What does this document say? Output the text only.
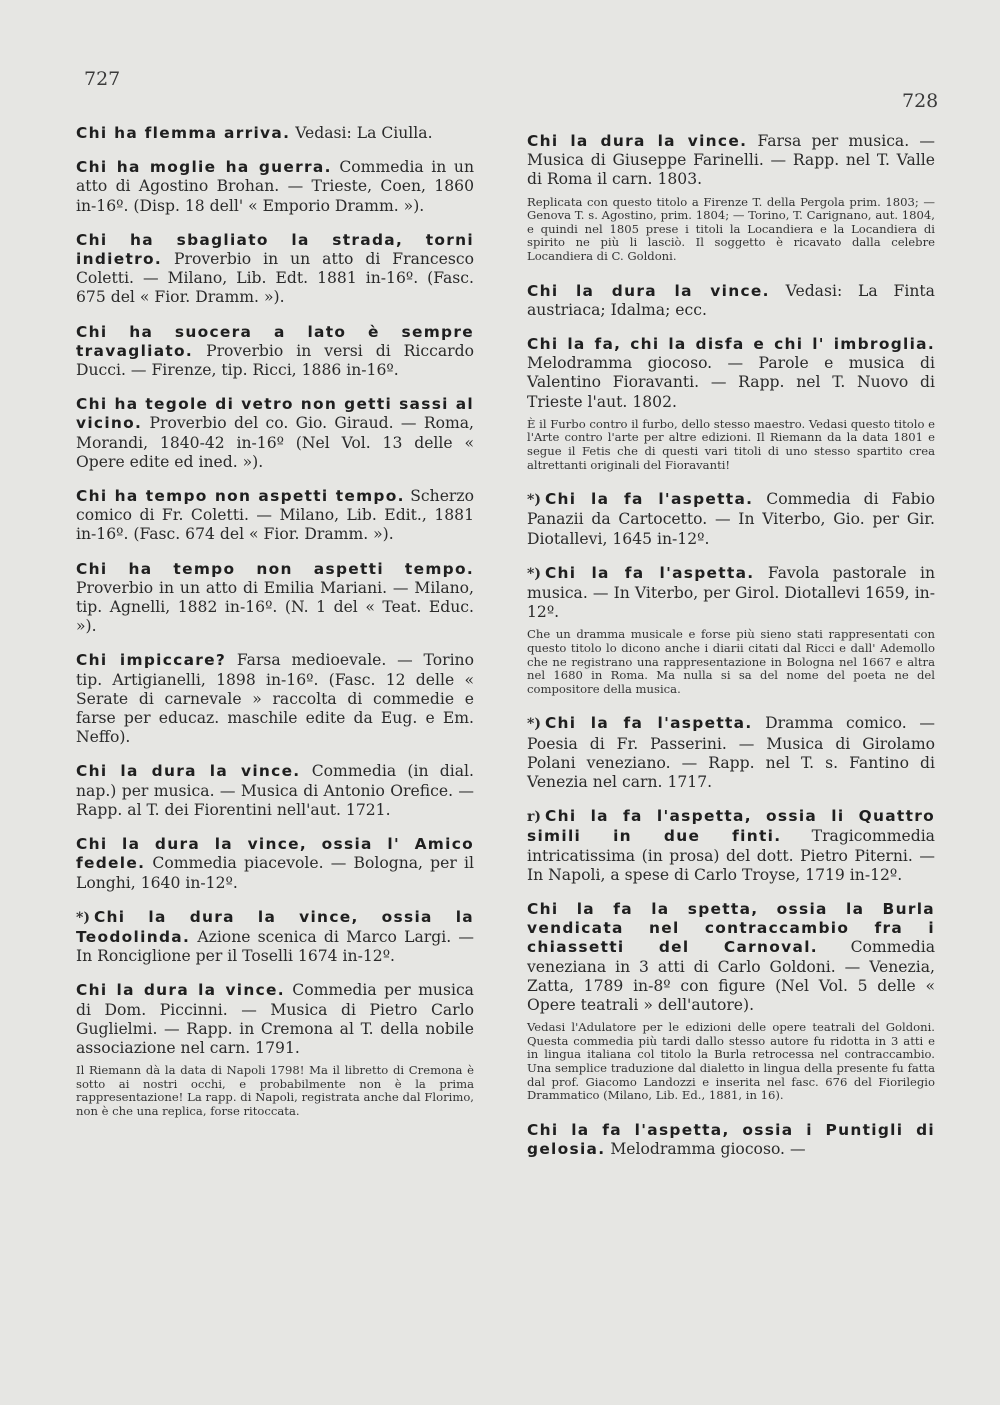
727
728

Chi ha flemma arriva. Vedasi: La Ciulla.

Chi ha moglie ha guerra. Commedia in un atto di Agostino Brohan. — Trieste, Coen, 1860 in-16º. (Disp. 18 dell' « Emporio Dramm. »).

Chi ha sbagliato la strada, torni indietro. Proverbio in un atto di Francesco Coletti. — Milano, Lib. Edt. 1881 in-16º. (Fasc. 675 del « Fior. Dramm. »).

Chi ha suocera a lato è sempre travagliato. Proverbio in versi di Riccardo Ducci. — Firenze, tip. Ricci, 1886 in-16º.

Chi ha tegole di vetro non getti sassi al vicino. Proverbio del co. Gio. Giraud. — Roma, Morandi, 1840-42 in-16º (Nel Vol. 13 delle « Opere edite ed ined. »).

Chi ha tempo non aspetti tempo. Scherzo comico di Fr. Coletti. — Milano, Lib. Edit., 1881 in-16º. (Fasc. 674 del « Fior. Dramm. »).

Chi ha tempo non aspetti tempo. Proverbio in un atto di Emilia Mariani. — Milano, tip. Agnelli, 1882 in-16º. (N. 1 del « Teat. Educ. »).

Chi impiccare? Farsa medioevale. — Torino tip. Artigianelli, 1898 in-16º. (Fasc. 12 delle « Serate di carnevale » raccolta di commedie e farse per educaz. maschile edite da Eug. e Em. Neffo).

Chi la dura la vince. Commedia (in dial. nap.) per musica. — Musica di Antonio Orefice. — Rapp. al T. dei Fiorentini nell'aut. 1721.

Chi la dura la vince, ossia l' Amico fedele. Commedia piacevole. — Bologna, per il Longhi, 1640 in-12º.

*) Chi la dura la vince, ossia la Teodolinda. Azione scenica di Marco Largi. — In Ronciglione per il Toselli 1674 in-12º.

Chi la dura la vince. Commedia per musica di Dom. Piccinni. — Musica di Pietro Carlo Guglielmi. — Rapp. in Cremona al T. della nobile associazione nel carn. 1791.

Il Riemann dà la data di Napoli 1798! Ma il libretto di Cremona è sotto ai nostri occhi, e probabilmente non è la prima rappresentazione! La rapp. di Napoli, registrata anche dal Florimo, non è che una replica, forse ritoccata.

Chi la dura la vince. Farsa per musica. — Musica di Giuseppe Farinelli. — Rapp. nel T. Valle di Roma il carn. 1803.

Replicata con questo titolo a Firenze T. della Pergola prim. 1803; — Genova T. s. Agostino, prim. 1804; — Torino, T. Carignano, aut. 1804, e quindi nel 1805 prese i titoli la Locandiera e la Locandiera di spirito ne più li lasciò. Il soggetto è ricavato dalla celebre Locandiera di C. Goldoni.

Chi la dura la vince. Vedasi: La Finta austriaca; Idalma; ecc.

Chi la fa, chi la disfa e chi l' imbroglia. Melodramma giocoso. — Parole e musica di Valentino Fioravanti. — Rapp. nel T. Nuovo di Trieste l'aut. 1802.

È il Furbo contro il furbo, dello stesso maestro. Vedasi questo titolo e l'Arte contro l'arte per altre edizioni. Il Riemann da la data 1801 e segue il Fetis che di questi vari titoli di uno stesso spartito crea altrettanti originali del Fioravanti!

*) Chi la fa l'aspetta. Commedia di Fabio Panazii da Cartocetto. — In Viterbo, Gio. per Gir. Diotallevi, 1645 in-12º.

*) Chi la fa l'aspetta. Favola pastorale in musica. — In Viterbo, per Girol. Diotallevi 1659, in-12º.

Che un dramma musicale e forse più sieno stati rappresentati con questo titolo lo dicono anche i diarii citati dal Ricci e dall' Ademollo che ne registrano una rappresentazione in Bologna nel 1667 e altra nel 1680 in Roma. Ma nulla si sa del nome del poeta ne del compositore della musica.

*) Chi la fa l'aspetta. Dramma comico. — Poesia di Fr. Passerini. — Musica di Girolamo Polani veneziano. — Rapp. nel T. s. Fantino di Venezia nel carn. 1717.

r) Chi la fa l'aspetta, ossia li Quattro simili in due finti. Tragicommedia intricatissima (in prosa) del dott. Pietro Piterni. — In Napoli, a spese di Carlo Troyse, 1719 in-12º.

Chi la fa la spetta, ossia la Burla vendicata nel contraccambio fra i chiassetti del Carnoval. Commedia veneziana in 3 atti di Carlo Goldoni. — Venezia, Zatta, 1789 in-8º con figure (Nel Vol. 5 delle « Opere teatrali » dell'autore).

Vedasi l'Adulatore per le edizioni delle opere teatrali del Goldoni. Questa commedia più tardi dallo stesso autore fu ridotta in 3 atti e in lingua italiana col titolo la Burla retrocessa nel contraccambio. Una semplice traduzione dal dialetto in lingua della presente fu fatta dal prof. Giacomo Landozzi e inserita nel fasc. 676 del Fiorilegio Drammatico (Milano, Lib. Ed., 1881, in 16).

Chi la fa l'aspetta, ossia i Puntigli di gelosia. Melodramma giocoso. —
